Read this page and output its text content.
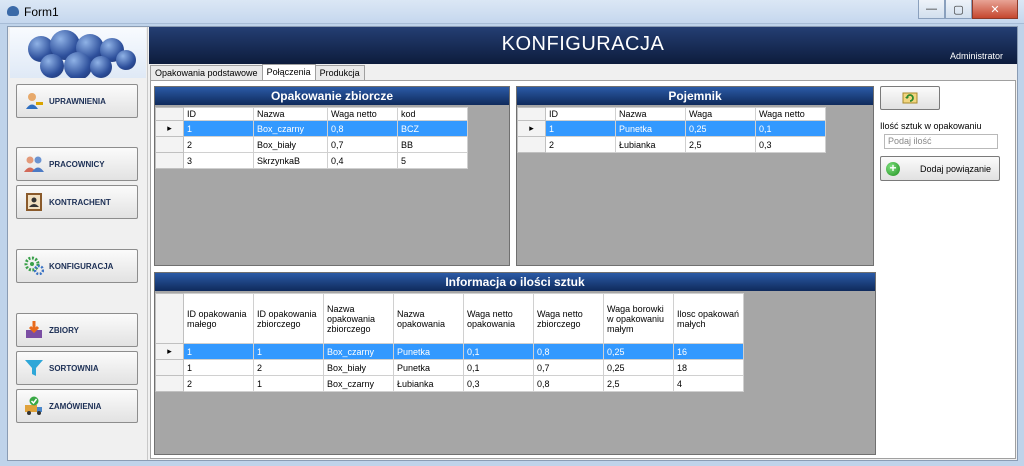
Form1	—	▢	✕
UPRAWNIENIA
PRACOWNICY
KONTRACHENT
KONFIGURACJA
ZBIORY
SORTOWNIA
ZAMÓWIENIA
KONFIGURACJA
Administrator
Opakowania podstawowe	Połączenia	Produkcja
Opakowanie zbiorcze
	ID	Nazwa	Waga netto	kod
▸	1	Box_czarny	0,8	BCZ
	2	Box_biały	0,7	BB
	3	SkrzynkaB	0,4	5
Pojemnik
	ID	Nazwa	Waga	Waga netto
▸	1	Punetka	0,25	0,1
	2	Łubianka	2,5	0,3
Ilość sztuk w opakowaniu
Podaj ilość
+	Dodaj powiązanie
Informacja o ilości sztuk
	ID opakowania małego	ID opakowania zbiorczego	Nazwa opakowania zbiorczego	Nazwa opakowania	Waga netto opakowania	Waga netto zbiorczego	Waga borowki w opakowaniu małym	Ilosc opakowań małych
▸	1	1	Box_czarny	Punetka	0,1	0,8	0,25	16
	1	2	Box_biały	Punetka	0,1	0,7	0,25	18
	2	1	Box_czarny	Łubianka	0,3	0,8	2,5	4
